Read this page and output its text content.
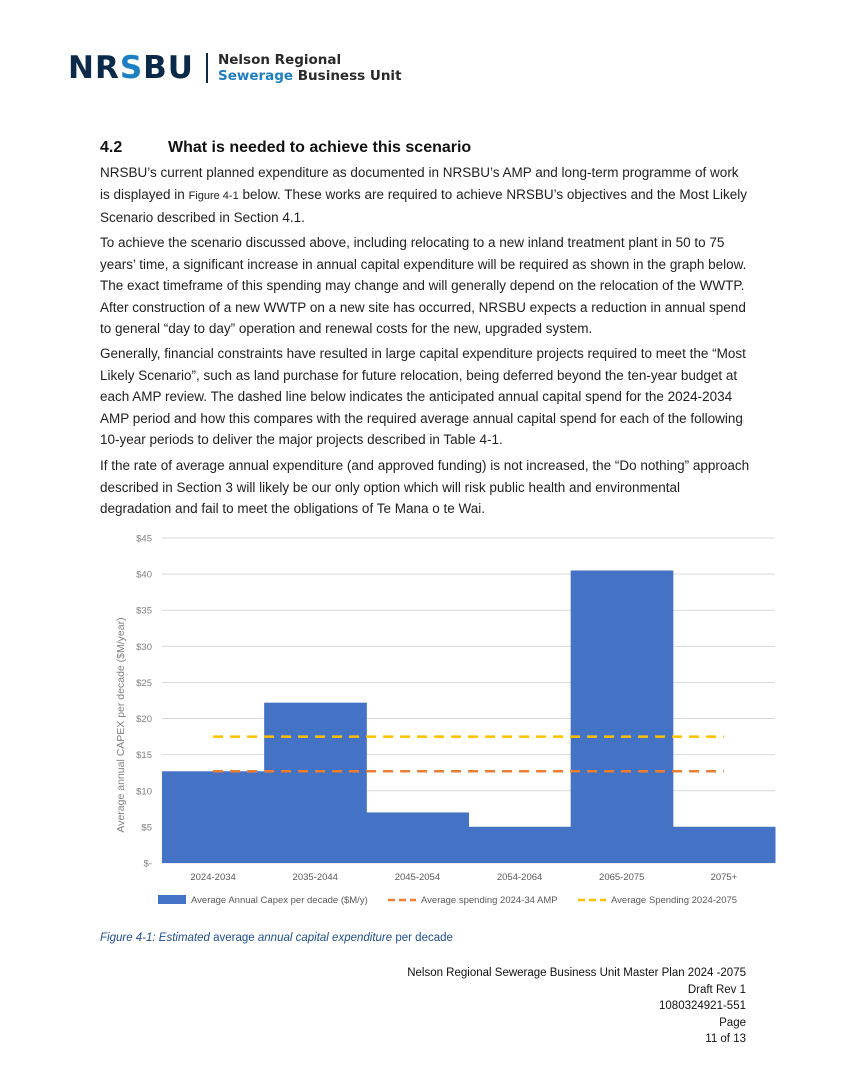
NRSBU Nelson Regional
Sewerage Business Unit
4.2	What is needed to achieve this scenario

NRSBU’s current planned expenditure as documented in NRSBU’s AMP and long-term programme of work is displayed in Figure 4-1 below. These works are required to achieve NRSBU’s objectives and the Most Likely Scenario described in Section 4.1.

To achieve the scenario discussed above, including relocating to a new inland treatment plant in 50 to 75 years’ time, a significant increase in annual capital expenditure will be required as shown in the graph below. The exact timeframe of this spending may change and will generally depend on the relocation of the WWTP. After construction of a new WWTP on a new site has occurred, NRSBU expects a reduction in annual spend to general “day to day” operation and renewal costs for the new, upgraded system.

Generally, financial constraints have resulted in large capital expenditure projects required to meet the “Most Likely Scenario”, such as land purchase for future relocation, being deferred beyond the ten-year budget at each AMP review. The dashed line below indicates the anticipated annual capital spend for the 2024-2034 AMP period and how this compares with the required average annual capital spend for each of the following 10-year periods to deliver the major projects described in Table 4-1.

If the rate of average annual expenditure (and approved funding) is not increased, the “Do nothing” approach described in Section 3 will likely be our only option which will risk public health and environmental degradation and fail to meet the obligations of Te Mana o te Wai.

$-
$5
$10
$15
$20
$25
$30
$35
$40
$45
2024-2034	2035-2044	2045-2054	2054-2064	2065-2075	2075+
Average annual CAPEX per decade ($M/year)
Average Annual Capex per decade ($M/y)	Average spending 2024-34 AMP	Average Spending 2024-2075
Figure 4-1: Estimated average annual capital expenditure per decade
Nelson Regional Sewerage Business Unit Master Plan 2024 -2075
Draft Rev 1
1080324921-551
Page
11 of 13
